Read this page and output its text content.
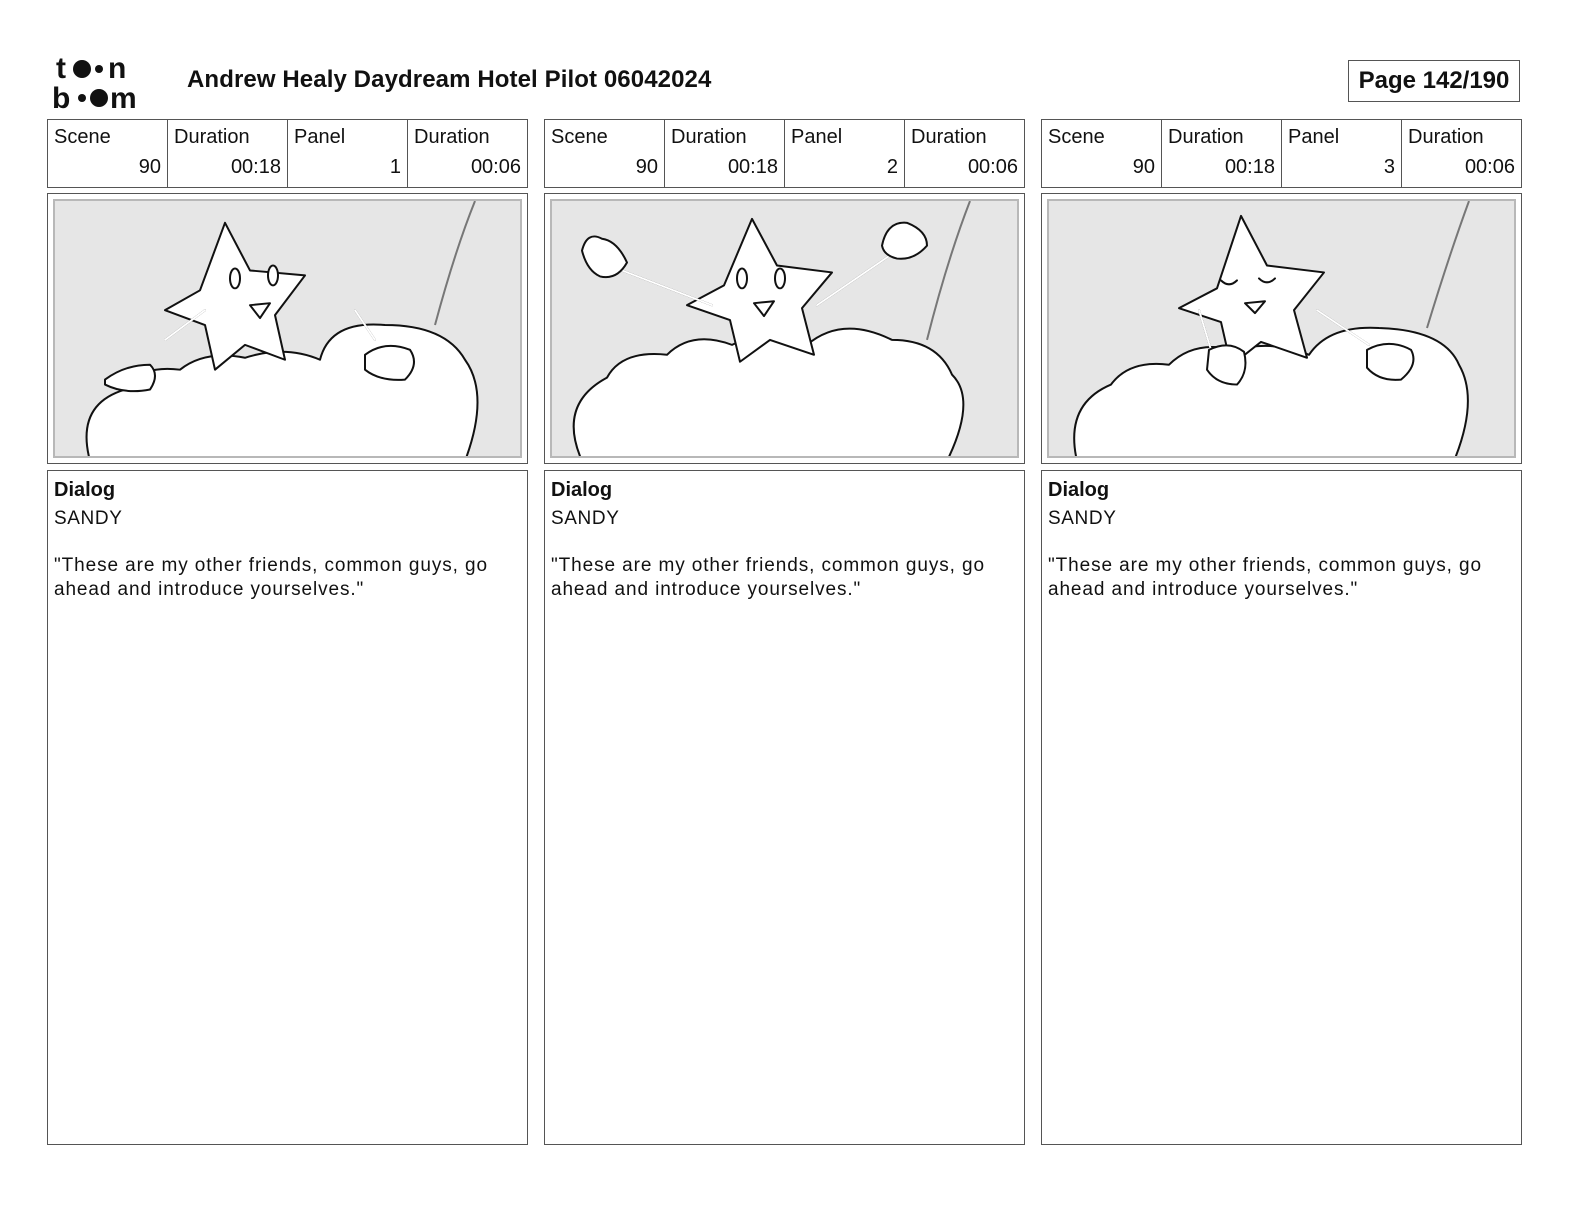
t n
b m
Andrew Healy Daydream Hotel Pilot 06042024	Page 142/190
Scene
90
Duration
00:18
Panel
1
Duration
00:06
Dialog
SANDY
"These are my other friends, common guys, go ahead and introduce yourselves."
Scene
90
Duration
00:18
Panel
2
Duration
00:06
Dialog
SANDY
"These are my other friends, common guys, go ahead and introduce yourselves."
Scene
90
Duration
00:18
Panel
3
Duration
00:06
Dialog
SANDY
"These are my other friends, common guys, go ahead and introduce yourselves."
